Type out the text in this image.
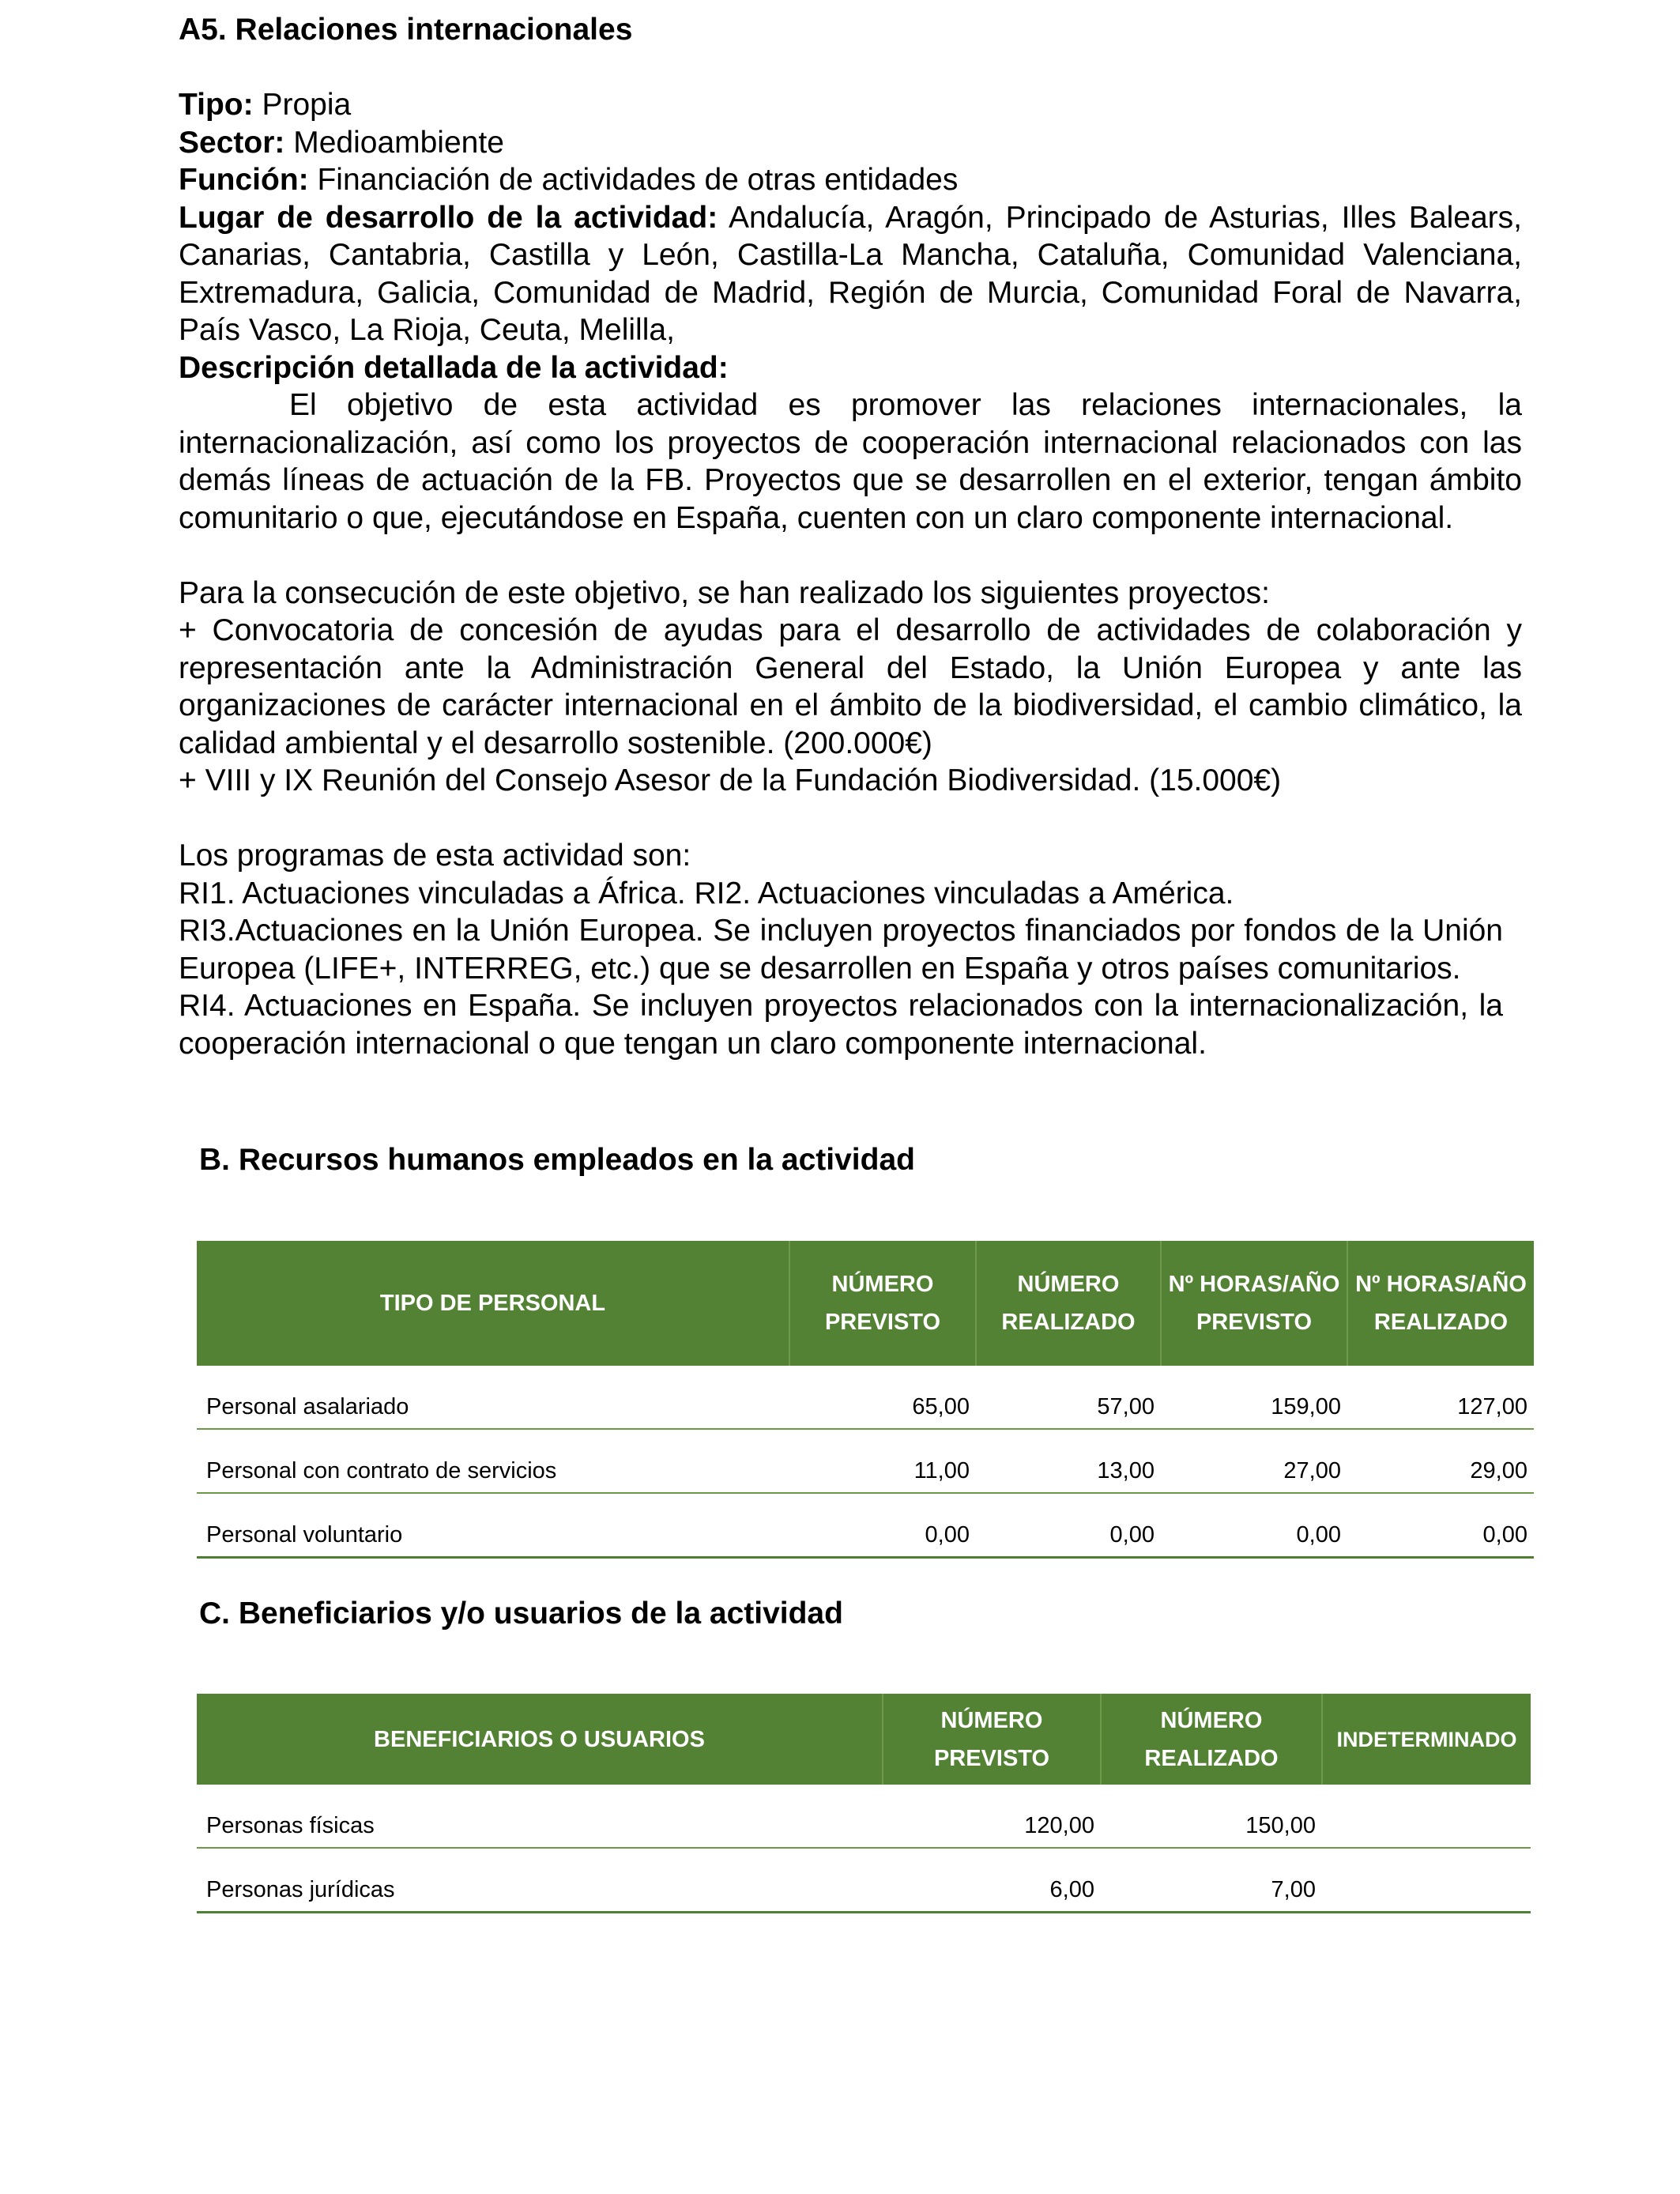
A5. Relaciones internacionales

Tipo: Propia

Sector: Medioambiente

Función: Financiación de actividades de otras entidades

Lugar de desarrollo de la actividad: Andalucía, Aragón, Principado de Asturias, Illes Balears, Canarias, Cantabria, Castilla y León, Castilla-La Mancha, Cataluña, Comunidad Valenciana, Extremadura, Galicia, Comunidad de Madrid, Región de Murcia, Comunidad Foral de Navarra, País Vasco, La Rioja, Ceuta, Melilla,

Descripción detallada de la actividad:

El objetivo de esta actividad es promover las relaciones internacionales, la internacionalización, así como los proyectos de cooperación internacional relacionados con las demás líneas de actuación de la FB. Proyectos que se desarrollen en el exterior, tengan ámbito comunitario o que, ejecutándose en España, cuenten con un claro componente internacional.

Para la consecución de este objetivo, se han realizado los siguientes proyectos:

+ Convocatoria de concesión de ayudas para el desarrollo de actividades de colaboración y representación ante la Administración General del Estado, la Unión Europea y ante las organizaciones de carácter internacional en el ámbito de la biodiversidad, el cambio climático, la calidad ambiental y el desarrollo sostenible. (200.000€)

+ VIII y IX Reunión del Consejo Asesor de la Fundación Biodiversidad. (15.000€)

Los programas de esta actividad son:

RI1. Actuaciones vinculadas a África. RI2. Actuaciones vinculadas a América.

RI3.Actuaciones en la Unión Europea. Se incluyen proyectos financiados por fondos de la Unión Europea (LIFE+, INTERREG, etc.) que se desarrollen en España y otros países comunitarios.

RI4. Actuaciones en España. Se incluyen proyectos relacionados con la internacionalización, la cooperación internacional o que tengan un claro componente internacional.

B. Recursos humanos empleados en la actividad
TIPO DE PERSONAL	NÚMERO PREVISTO	NÚMERO REALIZADO	Nº HORAS/AÑO PREVISTO	Nº HORAS/AÑO REALIZADO
Personal asalariado	65,00	57,00	159,00	127,00
Personal con contrato de servicios	11,00	13,00	27,00	29,00
Personal voluntario	0,00	0,00	0,00	0,00
C. Beneficiarios y/o usuarios de la actividad
BENEFICIARIOS O USUARIOS	NÚMERO PREVISTO	NÚMERO REALIZADO	INDETERMINADO
Personas físicas	120,00	150,00	
Personas jurídicas	6,00	7,00	
